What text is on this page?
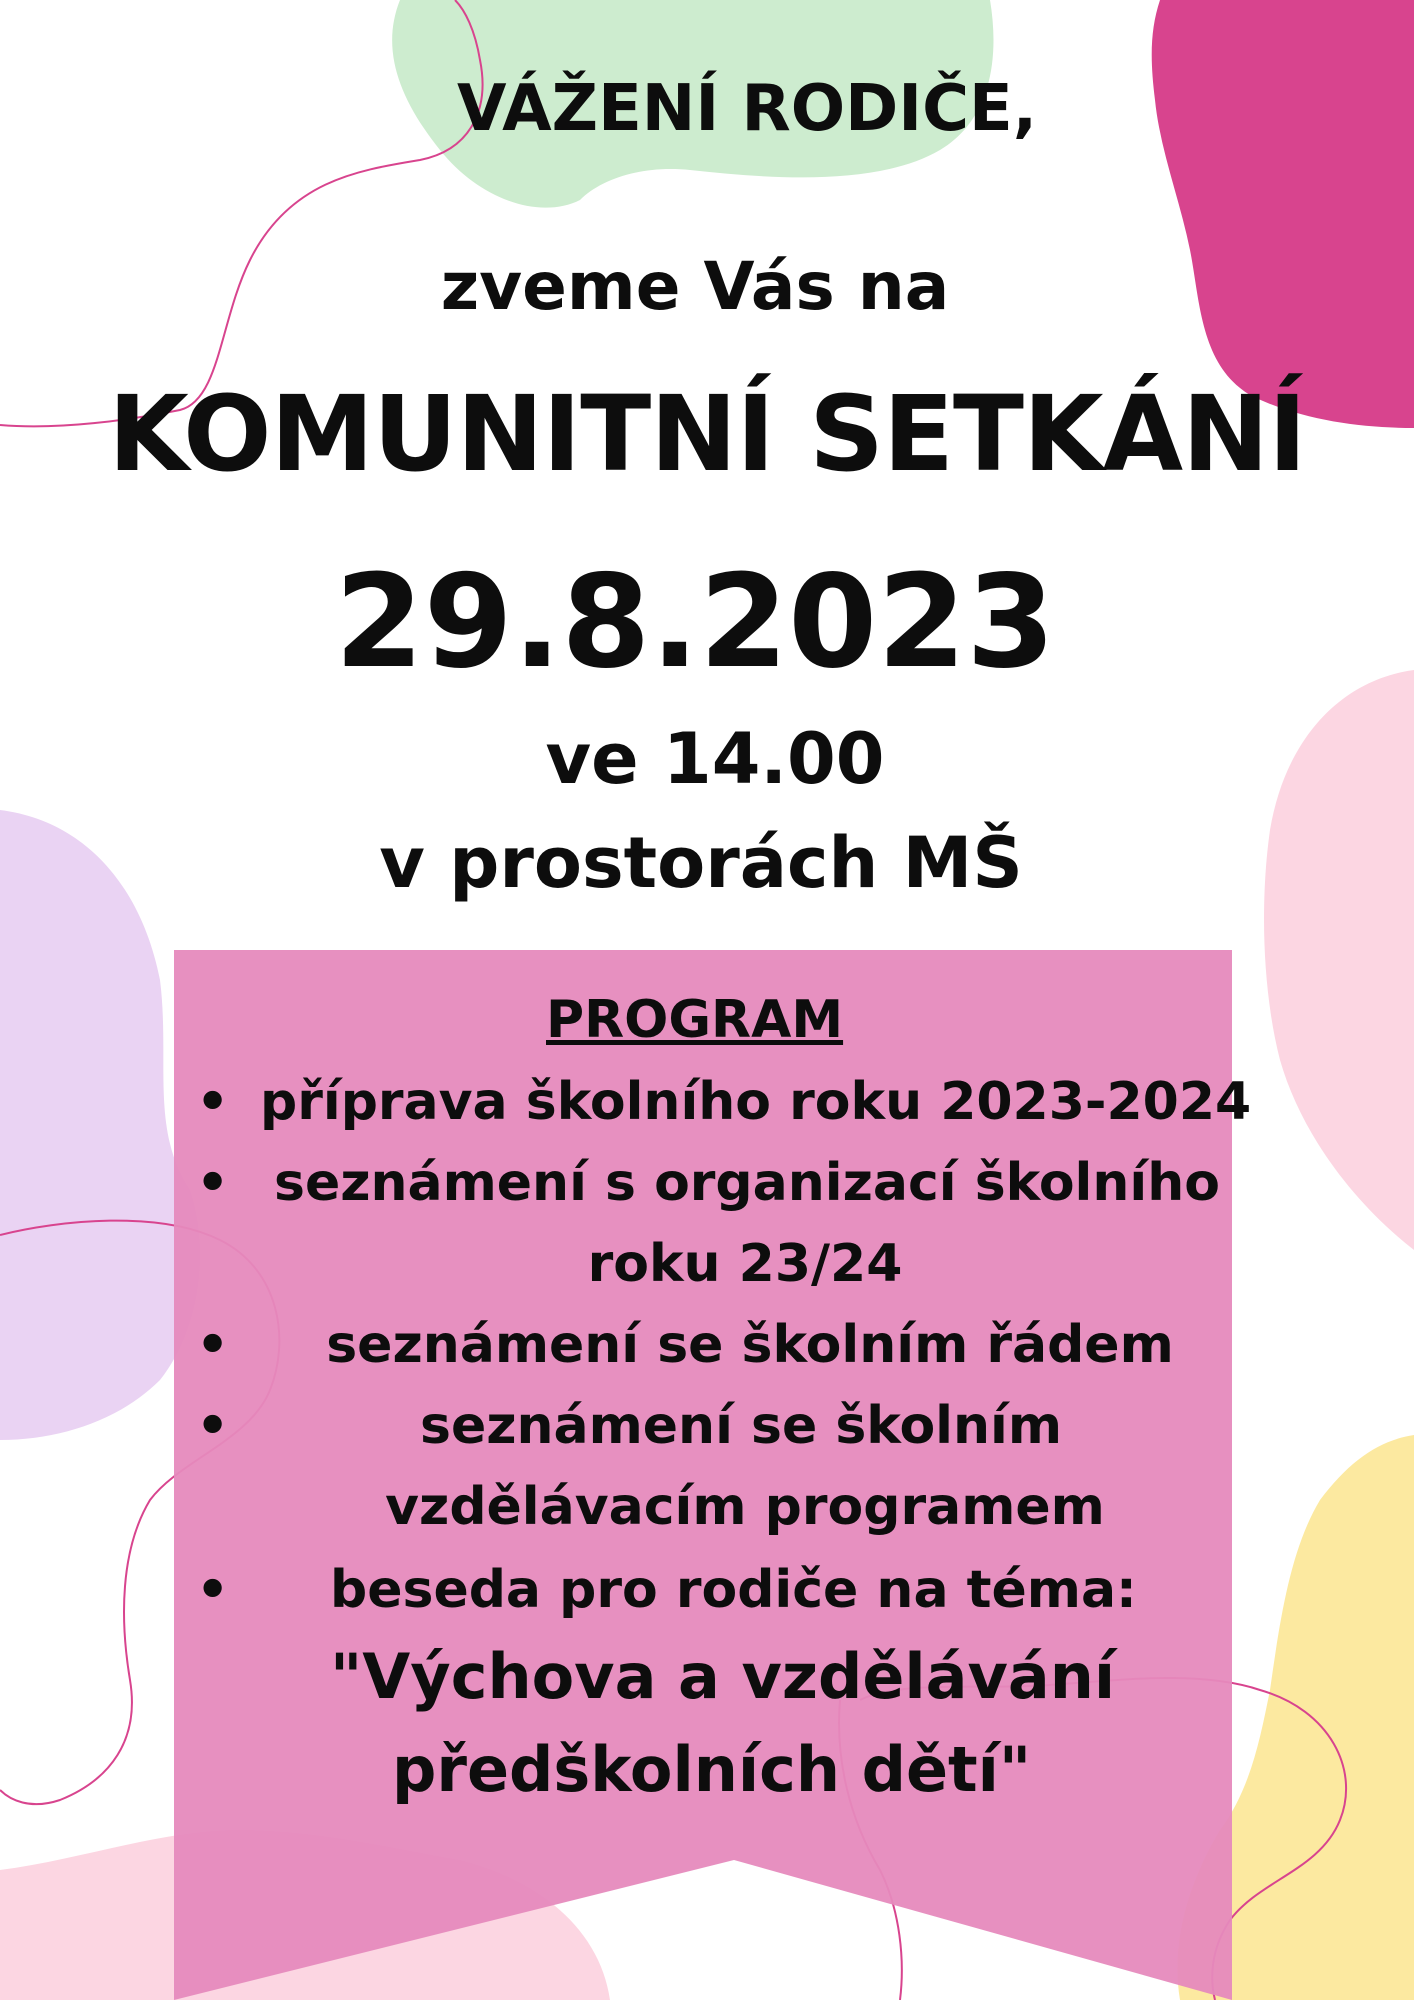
VÁŽENÍ RODIČE,
zveme Vás na
KOMUNITNÍ SETKÁNÍ
29.8.2023
ve 14.00
v prostorách MŠ
PROGRAM
• příprava školního roku 2023-2024
• seznámení s organizací školního
roku 23/24
• seznámení se školním řádem
•	seznámení se školním
vzdělávacím programem
• beseda pro rodiče na téma:
"Výchova a vzdělávání
předškolních dětí"
